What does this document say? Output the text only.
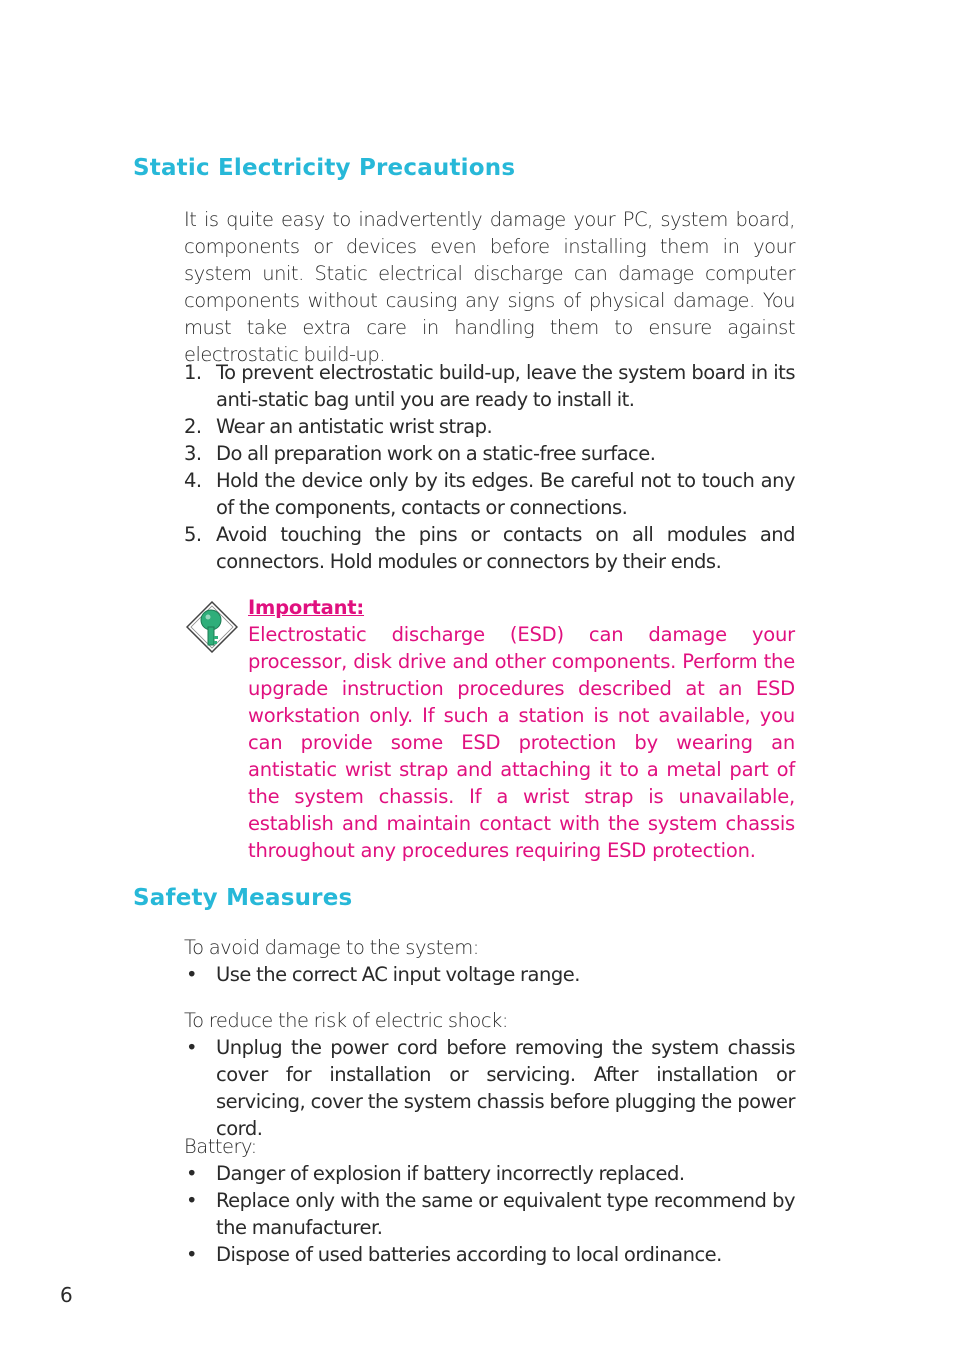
Static Electricity Precautions

It is quite easy to inadvertently damage your PC, system board, components or devices even before installing them in your system unit. Static electrical discharge can damage computer components without causing any signs of physical damage. You must take extra care in handling them to ensure against electrostatic build-up.

1. To prevent electrostatic build-up, leave the system board in its anti-static bag until you are ready to install it.
2. Wear an antistatic wrist strap.
3. Do all preparation work on a static-free surface.
4. Hold the device only by its edges. Be careful not to touch any of the components, contacts or connections.
5. Avoid touching the pins or contacts on all modules and connectors. Hold modules or connectors by their ends.
Important:
Electrostatic discharge (ESD) can damage your processor, disk drive and other components. Perform the upgrade instruction procedures described at an ESD workstation only. If such a station is not available, you can provide some ESD protection by wearing an antistatic wrist strap and attaching it to a metal part of the system chassis. If a wrist strap is unavailable, establish and maintain contact with the system chassis throughout any procedures requiring ESD protection.
Safety Measures

To avoid damage to the system:

• Use the correct AC input voltage range.

To reduce the risk of electric shock:

• Unplug the power cord before removing the system chassis cover for installation or servicing. After installation or servicing, cover the system chassis before plugging the power cord.

Battery:

• Danger of explosion if battery incorrectly replaced.
• Replace only with the same or equivalent type recommend by the manufacturer.
• Dispose of used batteries according to local ordinance.
6
